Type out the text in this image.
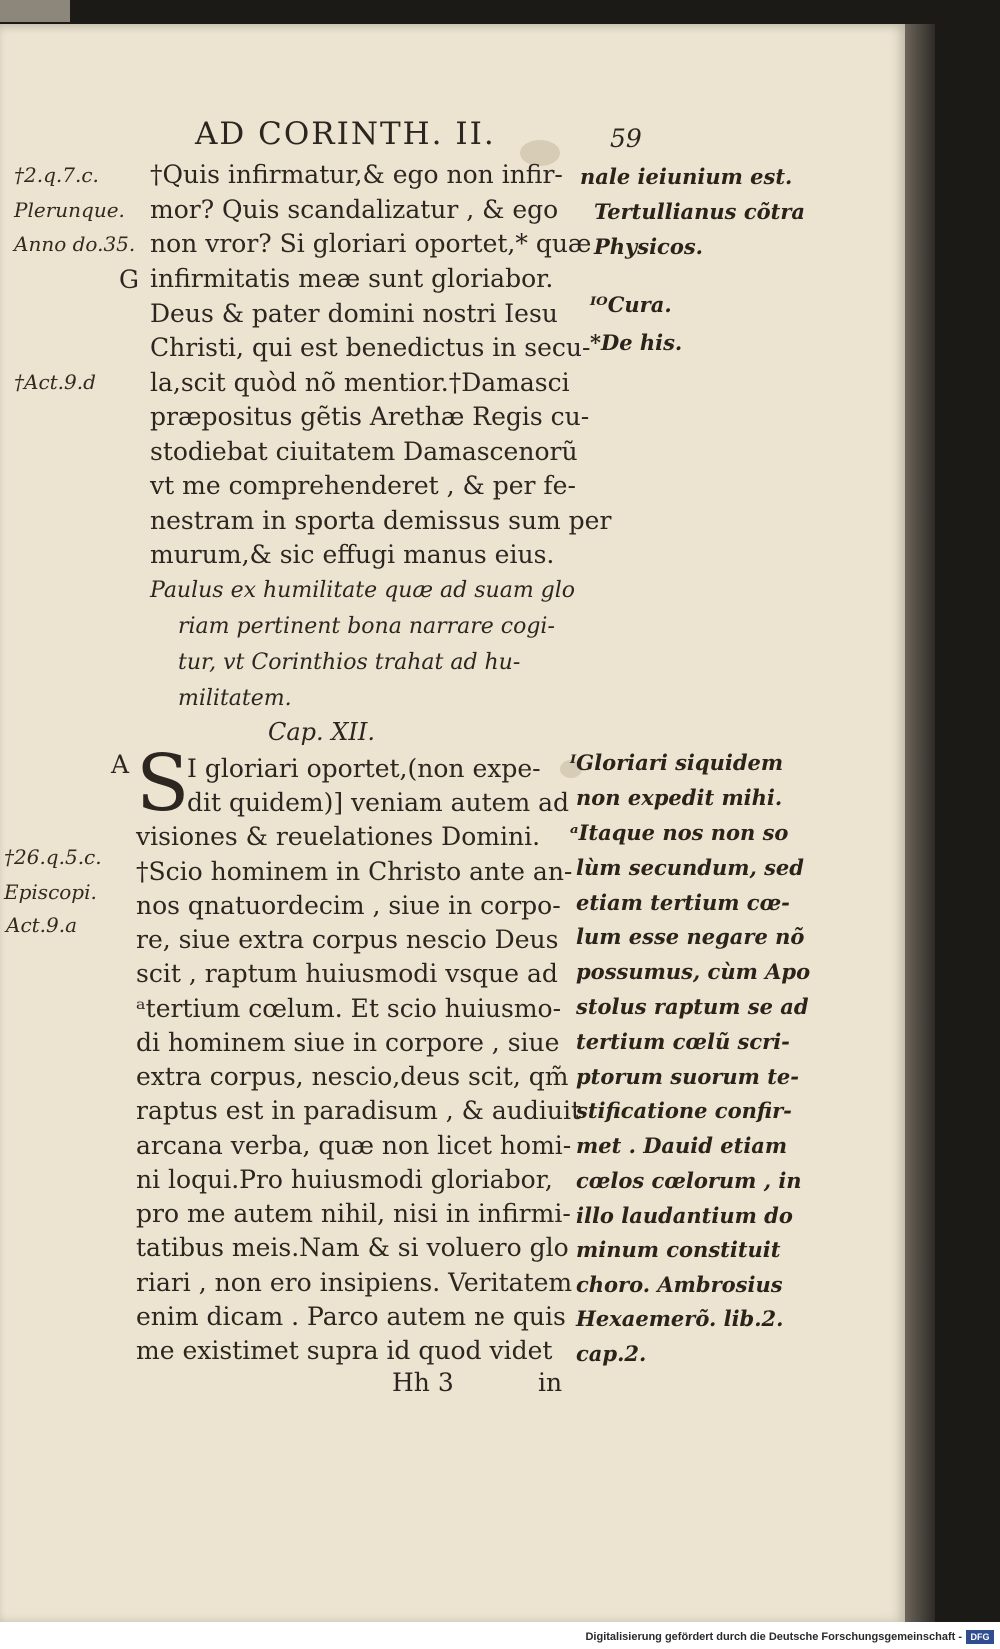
AD CORINTH. II.	59
†2.q.7.c.
Plerunque.
Anno do.35.
G
†Act.9.d
A
†26.q.5.c.
Episcopi.
Act.9.a
†Quis infirmatur,& ego non infir-
mor? Quis scandalizatur , & ego
non vror? Si gloriari oportet,* quæ
infirmitatis meæ sunt gloriabor.
Deus & pater domini nostri Iesu
Christi, qui est benedictus in secu-
la,scit quòd nõ mentior.†Damasci
præpositus gẽtis Arethæ Regis cu-
stodiebat ciuitatem Damascenorũ
vt me comprehenderet , & per fe-
nestram in sporta demissus sum per
murum,& sic effugi manus eius.
Paulus ex humilitate quæ ad suam glo
riam pertinent bona narrare cogi-
tur, vt Corinthios trahat ad hu-
militatem.
Cap. XII.
S
I gloriari oportet,(non expe-
dit quidem)] veniam autem ad
visiones & reuelationes Domini.
†Scio hominem in Christo ante an-
nos qnatuordecim , siue in corpo-
re, siue extra corpus nescio Deus
scit , raptum huiusmodi vsque ad
ᵃtertium cœlum. Et scio huiusmo-
di hominem siue in corpore , siue
extra corpus, nescio,deus scit, qm̃
raptus est in paradisum , & audiuit
arcana verba, quæ non licet homi-
ni loqui.Pro huiusmodi gloriabor,
pro me autem nihil, nisi in infirmi-
tatibus meis.Nam & si voluero glo
riari , non ero insipiens. Veritatem
enim dicam . Parco autem ne quis
me existimet supra id quod videt
nale ieiunium est.
Tertullianus cõtra
Physicos.
ᴵᴼCura.
*De his.
ᴵGloriari siquidem
non expedit mihi.
ᵃItaque nos non so
lùm secundum, sed
etiam tertium cœ-
lum esse negare nõ
possumus, cùm Apo
stolus raptum se ad
tertium cœlũ scri-
ptorum suorum te-
stificatione confir-
met . Dauid etiam
cœlos cœlorum , in
illo laudantium do
minum constituit
choro. Ambrosius
Hexaemerõ. lib.2.
cap.2.
Hh 3	in
Digitalisierung gefördert durch die Deutsche Forschungsgemeinschaft - DFG
